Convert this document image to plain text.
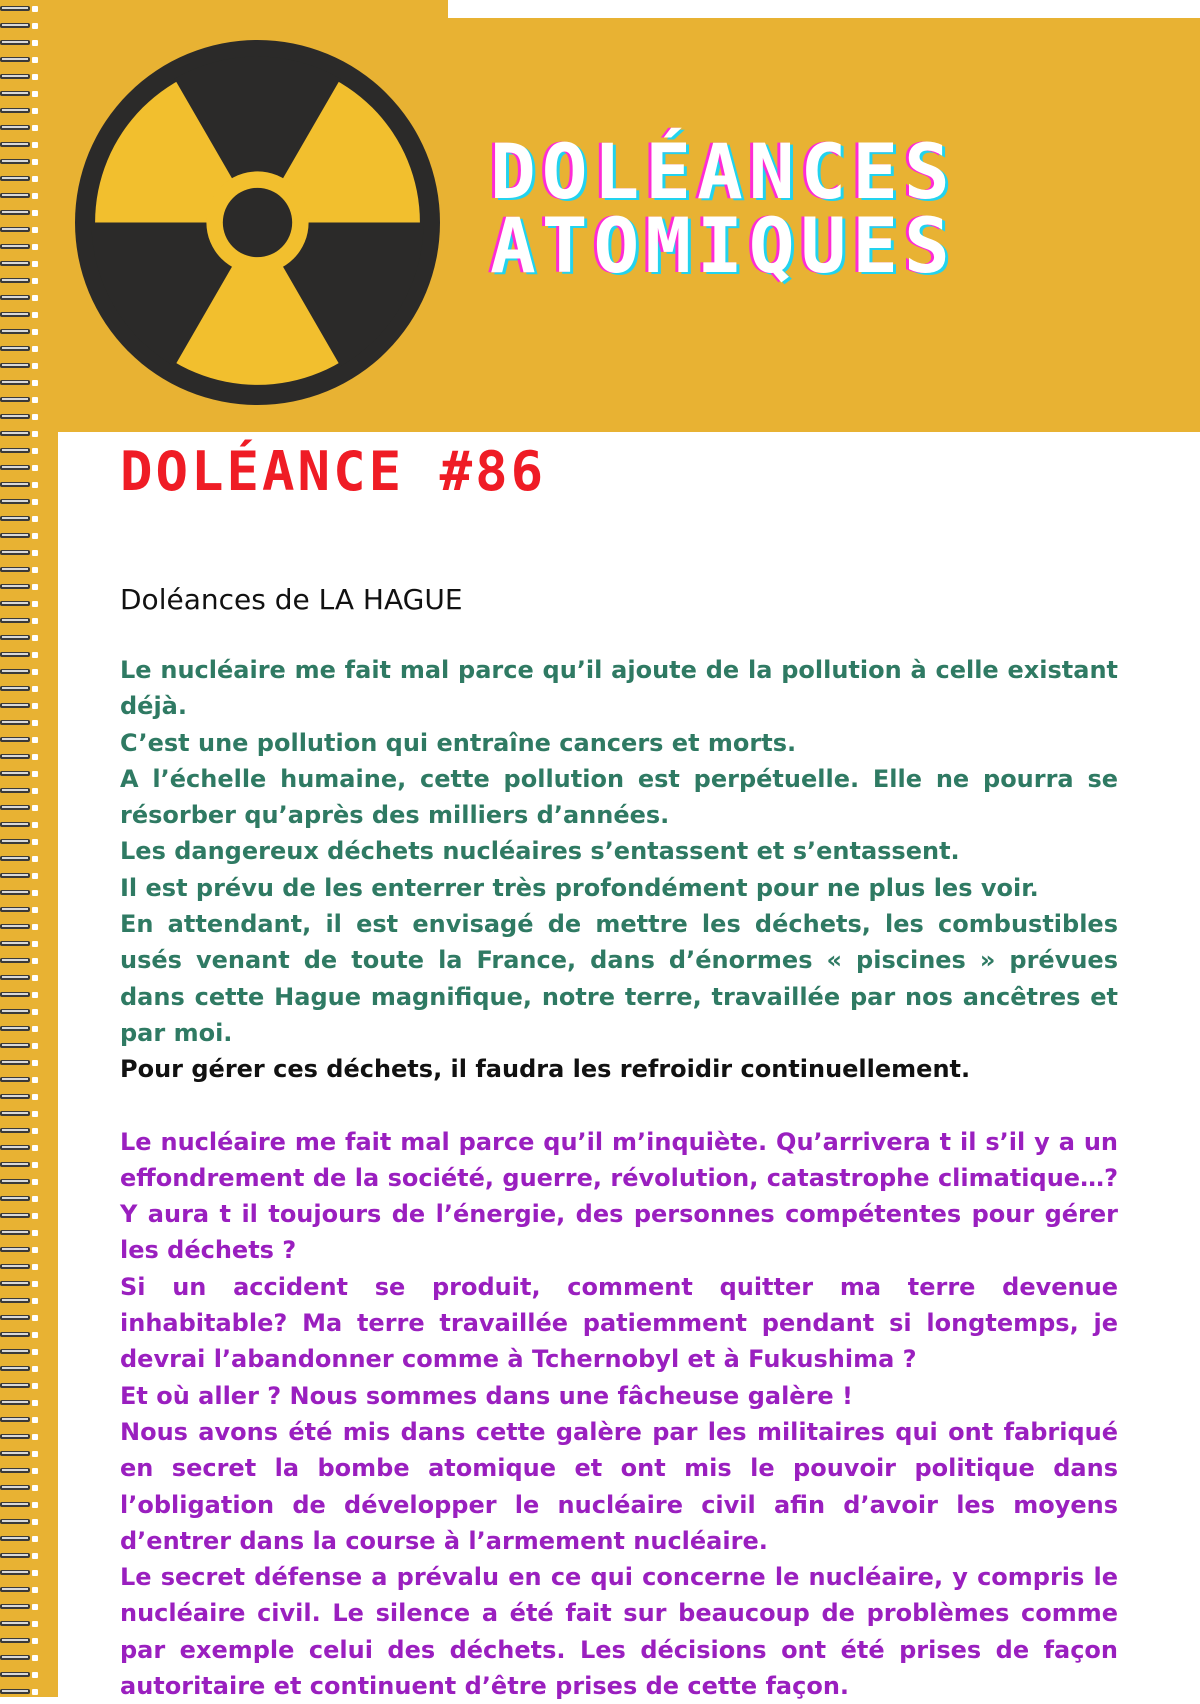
DOLÉANCES
ATOMIQUES
DOLÉANCE #86

Doléances de LA HAGUE

Le nucléaire me fait mal parce qu’il ajoute de la pollution à celle existant déjà.
C’est une pollution qui entraîne cancers et morts.
A l’échelle humaine, cette pollution est perpétuelle. Elle ne pourra se résorber qu’après des milliers d’années.
Les dangereux déchets nucléaires s’entassent et s’entassent.
Il est prévu de les enterrer très profondément pour ne plus les voir.
En attendant, il est envisagé de mettre les déchets, les combustibles usés venant de toute la France, dans d’énormes « piscines » prévues dans cette Hague magnifique, notre terre, travaillée par nos ancêtres et par moi.
Pour gérer ces déchets, il faudra les refroidir continuellement.
Le nucléaire me fait mal parce qu’il m’inquiète. Qu’arrivera t il s’il y a un effondrement de la société, guerre, révolution, catastrophe climatique…?Y aura t il toujours de l’énergie, des personnes compétentes pour gérer les déchets ?
Si un accident se produit, comment quitter ma terre devenue inhabitable? Ma terre travaillée patiemment pendant si longtemps, je devrai l’abandonner comme à Tchernobyl et à Fukushima ?
Et où aller ? Nous sommes dans une fâcheuse galère !
Nous avons été mis dans cette galère par les militaires qui ont fabriqué en secret la bombe atomique et ont mis le pouvoir politique dans l’obligation de développer le nucléaire civil afin d’avoir les moyens d’entrer dans la course à l’armement nucléaire.
Le secret défense a prévalu en ce qui concerne le nucléaire, y compris le nucléaire civil. Le silence a été fait sur beaucoup de problèmes comme par exemple celui des déchets. Les décisions ont été prises de façon autoritaire et continuent d’être prises de cette façon.
